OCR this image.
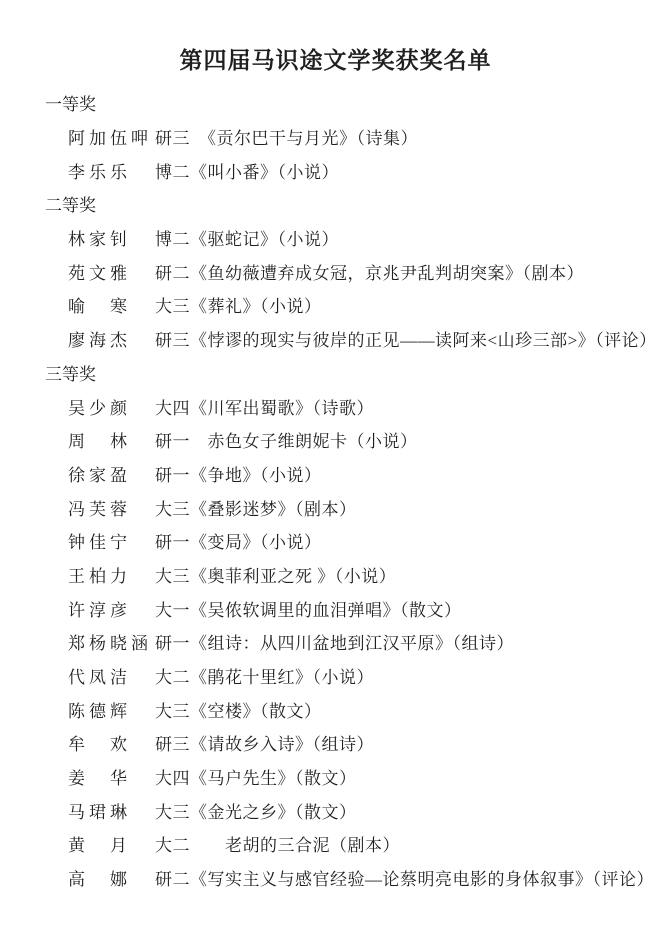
第四届马识途文学奖获奖名单
一等奖
阿加伍呷 研三　 《贡尔巴干与月光》（诗集）
李乐乐	博二《叫小番》（小说）
二等奖
林家钊	博二《驱蛇记》（小说）
苑文雅	研二《鱼幼薇遭弃成女冠，京兆尹乱判胡突案》（剧本）
喻　寒	大三《葬礼》（小说）
廖海杰	研三《悖谬的现实与彼岸的正见——读阿来<山珍三部>》（评论）
三等奖
吴少颜	大四《川军出蜀歌》（诗歌）
周　林	研一　 赤色女子维朗妮卡（小说）
徐家盈	研一《争地》（小说）
冯芙蓉	大三《叠影迷梦》（剧本）
钟佳宁	研一《变局》（小说）
王柏力	大三《奥菲利亚之死 》（小说）
许淳彦	大一《吴侬软调里的血泪弹唱》（散文）
郑杨晓涵 研一《组诗：从四川盆地到江汉平原》（组诗）
代凤洁	大二《鹃花十里红》（小说）
陈德辉	大三《空楼》（散文）
牟　欢	研三《请故乡入诗》（组诗）
姜　华	大四《马户先生》（散文）
马珺琳	大三《金光之乡》（散文）
黄　月	大二　　 老胡的三合泥（剧本）
高　娜	研二《写实主义与感官经验—论蔡明亮电影的身体叙事》（评论）
